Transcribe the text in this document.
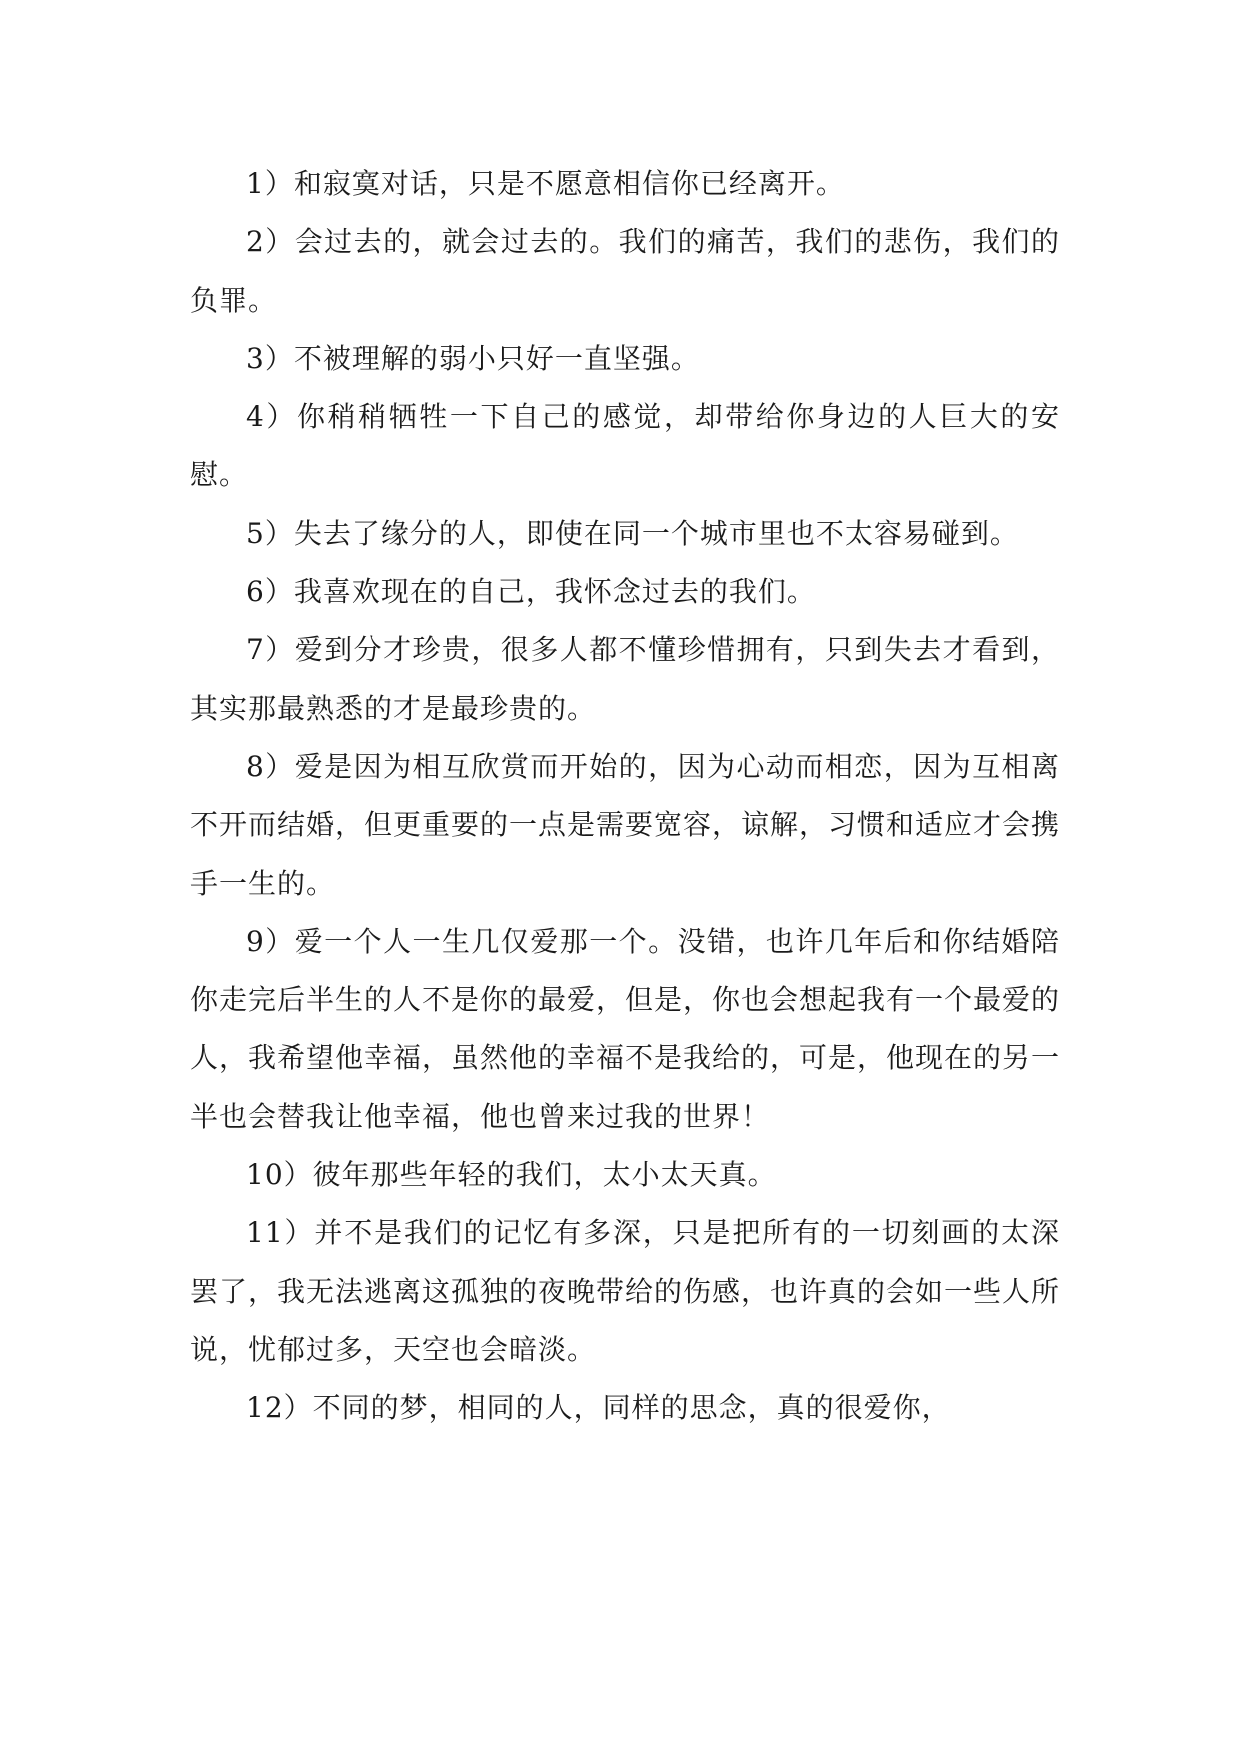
1）和寂寞对话，只是不愿意相信你已经离开。

2）会过去的，就会过去的。我们的痛苦，我们的悲伤，我们的负罪。

3）不被理解的弱小只好一直坚强。

4）你稍稍牺牲一下自己的感觉，却带给你身边的人巨大的安慰。

5）失去了缘分的人，即使在同一个城市里也不太容易碰到。

6）我喜欢现在的自己，我怀念过去的我们。

7）爱到分才珍贵，很多人都不懂珍惜拥有，只到失去才看到，其实那最熟悉的才是最珍贵的。

8）爱是因为相互欣赏而开始的，因为心动而相恋，因为互相离不开而结婚，但更重要的一点是需要宽容，谅解，习惯和适应才会携手一生的。

9）爱一个人一生几仅爱那一个。没错，也许几年后和你结婚陪你走完后半生的人不是你的最爱，但是，你也会想起我有一个最爱的人，我希望他幸福，虽然他的幸福不是我给的，可是，他现在的另一半也会替我让他幸福，他也曾来过我的世界！

10）彼年那些年轻的我们，太小太天真。

11）并不是我们的记忆有多深，只是把所有的一切刻画的太深罢了，我无法逃离这孤独的夜晚带给的伤感，也许真的会如一些人所说，忧郁过多，天空也会暗淡。

12）不同的梦，相同的人，同样的思念，真的很爱你，
